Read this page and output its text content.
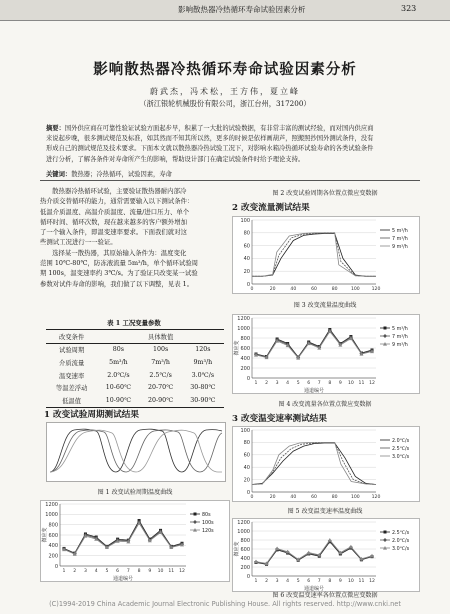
影响散热器冷热循环寿命试验因素分析	323
影响散热器冷热循环寿命试验因素分析
蔚武杰，冯术松，王方伟，夏立峰
（浙江银轮机械股份有限公司，浙江台州，317200）
摘要：国外供应商在可靠性验证试验方面起步早，积累了一大批的试验数据，有非常丰富的测试经验，而对国内供应商
来说起步晚，很多测试规范及标准，如其然而不知其所以然，更多的时候是依样画葫芦，照搬照抄国外测试条件，没有
形成自己的测试规范及技术要求。下面本文就以散热器冷热试验工况下，对影响水箱冷热循环试验寿命的各类试验条件
进行分析，了解各条件对寿命所产生的影响，帮助设计部门在确定试验条件时给予理论支持。
关键词：散热器；冷热循环，试验因素，寿命

散热器冷热循环试验，主要验证散热器耐内部冷

热介质交替循环的能力，通常需要输入以下测试条件：
低温介质温度、高温介质温度、流量/进口压力、单个
循环时间、循环次数，现在越来越多的客户额外增加
了一个输入条件，即温变速率要求。下面我们就对这
些测试工况进行一一验证。

选择某一散热器，其原始输入条件为：温度变化

范围 10℃-80℃，防冻液流量 5m³/h，单个循环试验周
期 100s，温变速率约 3℃/s。为了验证只改变某一试验
参数对试件寿命的影响，我们做了以下调整，见表 1。
表 1 工况变量参数
改变条件	具体数值		
试验周期	80s	100s	120s
介质流量	5m³/h	7m³/h	9m³/h
温变速率	2.0℃/s	2.5℃/s	3.0℃/s
等温差浮动	10-60℃	20-70℃	30-80℃
低温值	10-90℃	20-90℃	30-90℃
1 改变试验周期测试结果
图 1 改变试验周期温度曲线
0
200
400
600
800
1000
1200
1 2 3 4 5 6 7 8 9 10 11 12
通道编号
微应变
80s
100s
120s
图 2 改变试验周期各位置点微应变数据
2 改变流量测试结果
0
20
40
60
80
100
0	20	40	60	80	100	120
5 m³/h
7 m³/h
9 m³/h
图 3 改变流量温度曲线
0
200
400
600
800
1000
1200
1 2 3 4 5 6 7 8 9 10 11 12
通道编号
微应变
5 m³/h
7 m³/h
9 m³/h
图 4 改变流量各位置点微应变数据
3 改变温变速率测试结果
0
20
40
60
80
100
0	20	40	60	80	100	120
2.0℃/s
2.5℃/s
3.0℃/s
图 5 改变温变速率温度曲线
0
200
400
600
800
1000
1200
1 2 3 4 5 6 7 8 9 10 11 12
通道编号
微应变
2.5℃/s
2.0℃/s
3.0℃/s
图 6 改变温变速率各位置点微应变数据
(C)1994-2019 China Academic Journal Electronic Publishing House. All rights reserved. http://www.cnki.net
